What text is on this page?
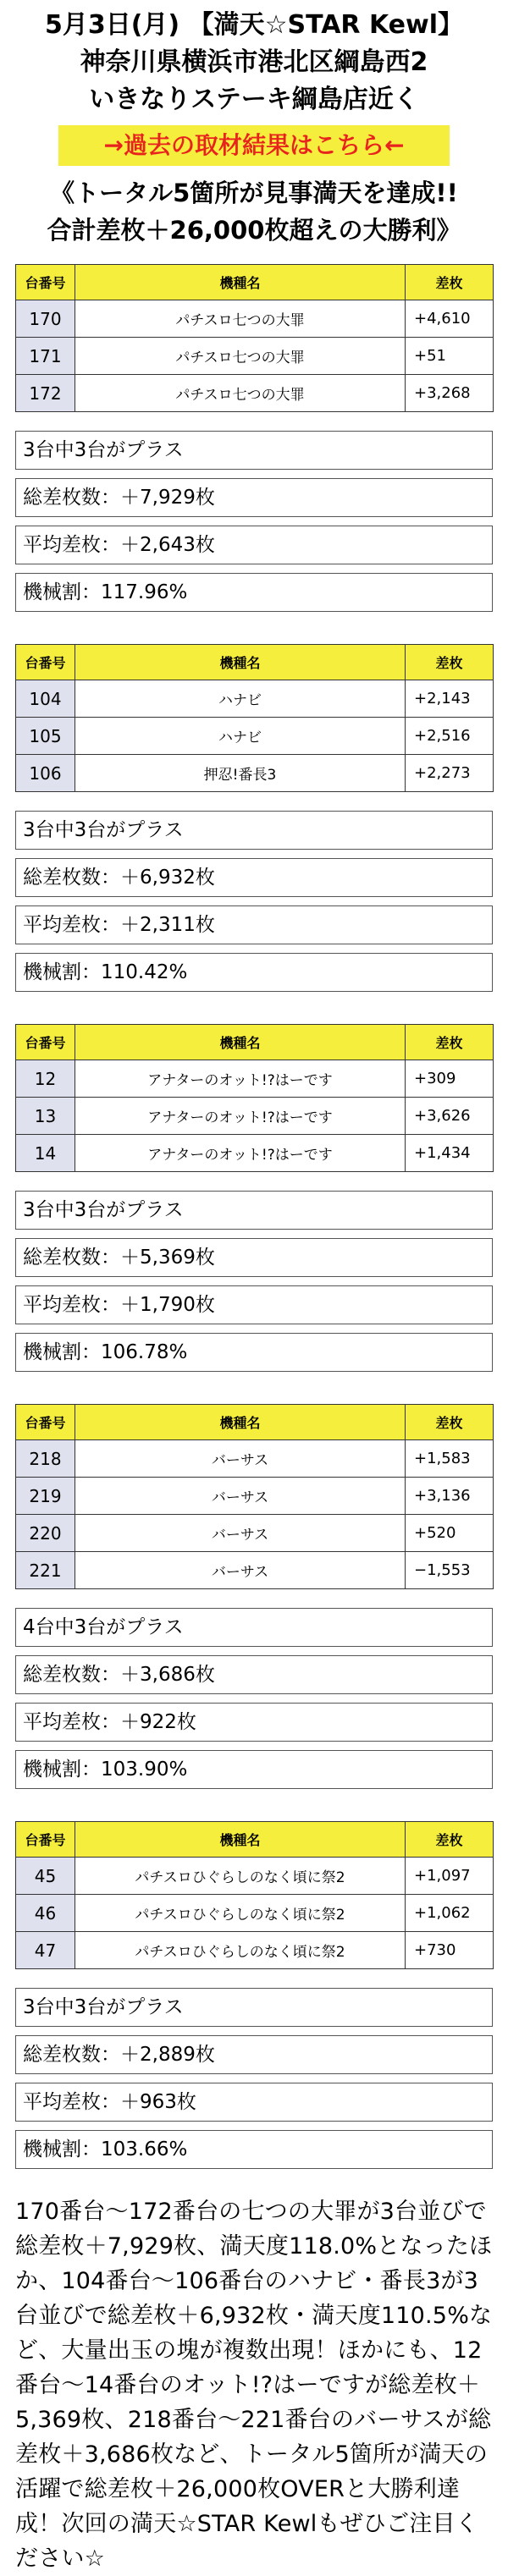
5月3日(月) 【満天☆STAR Kewl】
神奈川県横浜市港北区綱島西2
いきなりステーキ綱島店近く
→過去の取材結果はこちら←
《トータル5箇所が見事満天を達成!!
合計差枚＋26,000枚超えの大勝利》
台番号	機種名	差枚
170	パチスロ七つの大罪	+4,610
171	パチスロ七つの大罪	+51
172	パチスロ七つの大罪	+3,268
3台中3台がプラス
総差枚数：＋7,929枚
平均差枚：＋2,643枚
機械割：117.96%
台番号	機種名	差枚
104	ハナビ	+2,143
105	ハナビ	+2,516
106	押忍!番長3	+2,273
3台中3台がプラス
総差枚数：＋6,932枚
平均差枚：＋2,311枚
機械割：110.42%
台番号	機種名	差枚
12	アナターのオット!?はーです	+309
13	アナターのオット!?はーです	+3,626
14	アナターのオット!?はーです	+1,434
3台中3台がプラス
総差枚数：＋5,369枚
平均差枚：＋1,790枚
機械割：106.78%
台番号	機種名	差枚
218	バーサス	+1,583
219	バーサス	+3,136
220	バーサス	+520
221	バーサス	−1,553
4台中3台がプラス
総差枚数：＋3,686枚
平均差枚：＋922枚
機械割：103.90%
台番号	機種名	差枚
45	パチスロひぐらしのなく頃に祭2	+1,097
46	パチスロひぐらしのなく頃に祭2	+1,062
47	パチスロひぐらしのなく頃に祭2	+730
3台中3台がプラス
総差枚数：＋2,889枚
平均差枚：＋963枚
機械割：103.66%
170番台〜172番台の七つの大罪が3台並びで総差枚＋7,929枚、満天度118.0%となったほか、104番台〜106番台のハナビ・番長3が3台並びで総差枚＋6,932枚・満天度110.5%など、大量出玉の塊が複数出現！ほかにも、12番台〜14番台のオット!?はーですが総差枚＋5,369枚、218番台〜221番台のバーサスが総差枚＋3,686枚など、トータル5箇所が満天の活躍で総差枚＋26,000枚OVERと大勝利達成！次回の満天☆STAR Kewlもぜひご注目ください☆
